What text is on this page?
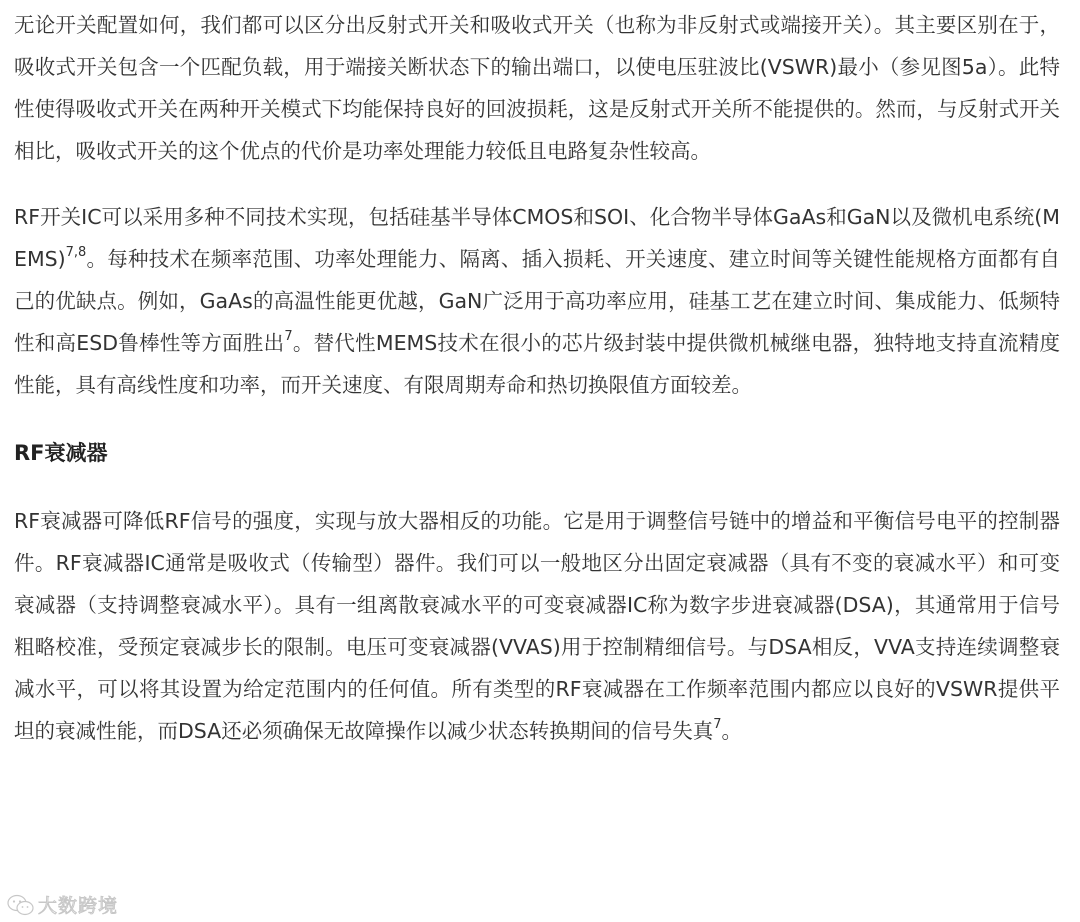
无论开关配置如何，我们都可以区分出反射式开关和吸收式开关（也称为非反射式或端接开关）。其主要区别在于，吸收式开关包含一个匹配负载，用于端接关断状态下的输出端口，以使电压驻波比(VSWR)最小（参见图5a）。此特性使得吸收式开关在两种开关模式下均能保持良好的回波损耗，这是反射式开关所不能提供的。然而，与反射式开关相比，吸收式开关的这个优点的代价是功率处理能力较低且电路复杂性较高。

RF开关IC可以采用多种不同技术实现，包括硅基半导体CMOS和SOI、化合物半导体GaAs和GaN以及微机电系统(MEMS)$^{7,8}$。每种技术在频率范围、功率处理能力、隔离、插入损耗、开关速度、建立时间等关键性能规格方面都有自己的优缺点。例如，GaAs的高温性能更优越，GaN广泛用于高功率应用，硅基工艺在建立时间、集成能力、低频特性和高ESD鲁棒性等方面胜出$^7$。替代性MEMS技术在很小的芯片级封装中提供微机械继电器，独特地支持直流精度性能，具有高线性度和功率，而开关速度、有限周期寿命和热切换限值方面较差。

RF衰减器

RF衰减器可降低RF信号的强度，实现与放大器相反的功能。它是用于调整信号链中的增益和平衡信号电平的控制器件。RF衰减器IC通常是吸收式（传输型）器件。我们可以一般地区分出固定衰减器（具有不变的衰减水平）和可变衰减器（支持调整衰减水平）。具有一组离散衰减水平的可变衰减器IC称为数字步进衰减器(DSA)，其通常用于信号粗略校准，受预定衰减步长的限制。电压可变衰减器(VVAS)用于控制精细信号。与DSA相反，VVA支持连续调整衰减水平，可以将其设置为给定范围内的任何值。所有类型的RF衰减器在工作频率范围内都应以良好的VSWR提供平坦的衰减性能，而DSA还必须确保无故障操作以减少状态转换期间的信号失真$^7$。

大数跨境
